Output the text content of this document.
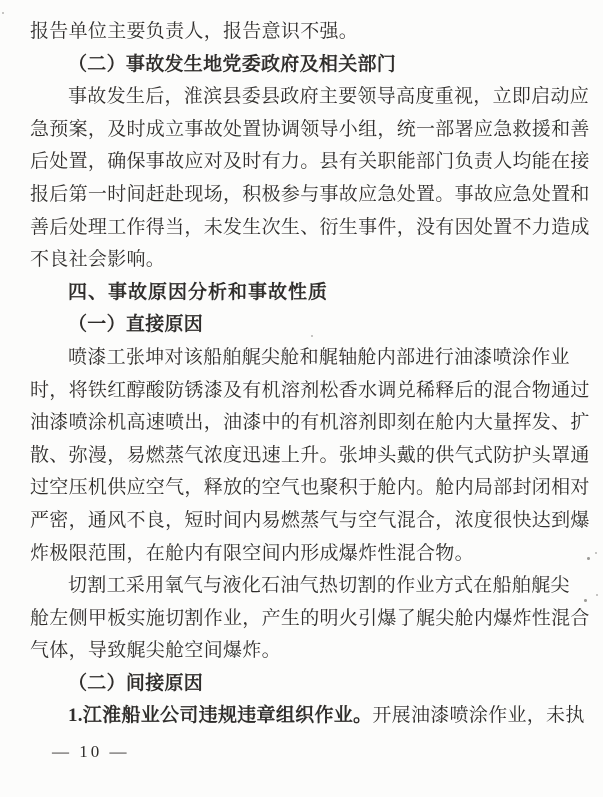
报告单位主要负责人，报告意识不强。
（二）事故发生地党委政府及相关部门
事故发生后，淮滨县委县政府主要领导高度重视，立即启动应
急预案，及时成立事故处置协调领导小组，统一部署应急救援和善
后处置，确保事故应对及时有力。县有关职能部门负责人均能在接
报后第一时间赶赴现场，积极参与事故应急处置。事故应急处置和
善后处理工作得当，未发生次生、衍生事件，没有因处置不力造成
不良社会影响。
四、事故原因分析和事故性质
（一）直接原因
喷漆工张坤对该船舶艉尖舱和艉轴舱内部进行油漆喷涂作业
时，将铁红醇酸防锈漆及有机溶剂松香水调兑稀释后的混合物通过
油漆喷涂机高速喷出，油漆中的有机溶剂即刻在舱内大量挥发、扩
散、弥漫，易燃蒸气浓度迅速上升。张坤头戴的供气式防护头罩通
过空压机供应空气，释放的空气也聚积于舱内。舱内局部封闭相对
严密，通风不良，短时间内易燃蒸气与空气混合，浓度很快达到爆
炸极限范围，在舱内有限空间内形成爆炸性混合物。
切割工采用氧气与液化石油气热切割的作业方式在船舶艉尖
舱左侧甲板实施切割作业，产生的明火引爆了艉尖舱内爆炸性混合
气体，导致艉尖舱空间爆炸。
（二）间接原因
1.江淮船业公司违规违章组织作业。开展油漆喷涂作业，未执
— 10 —
